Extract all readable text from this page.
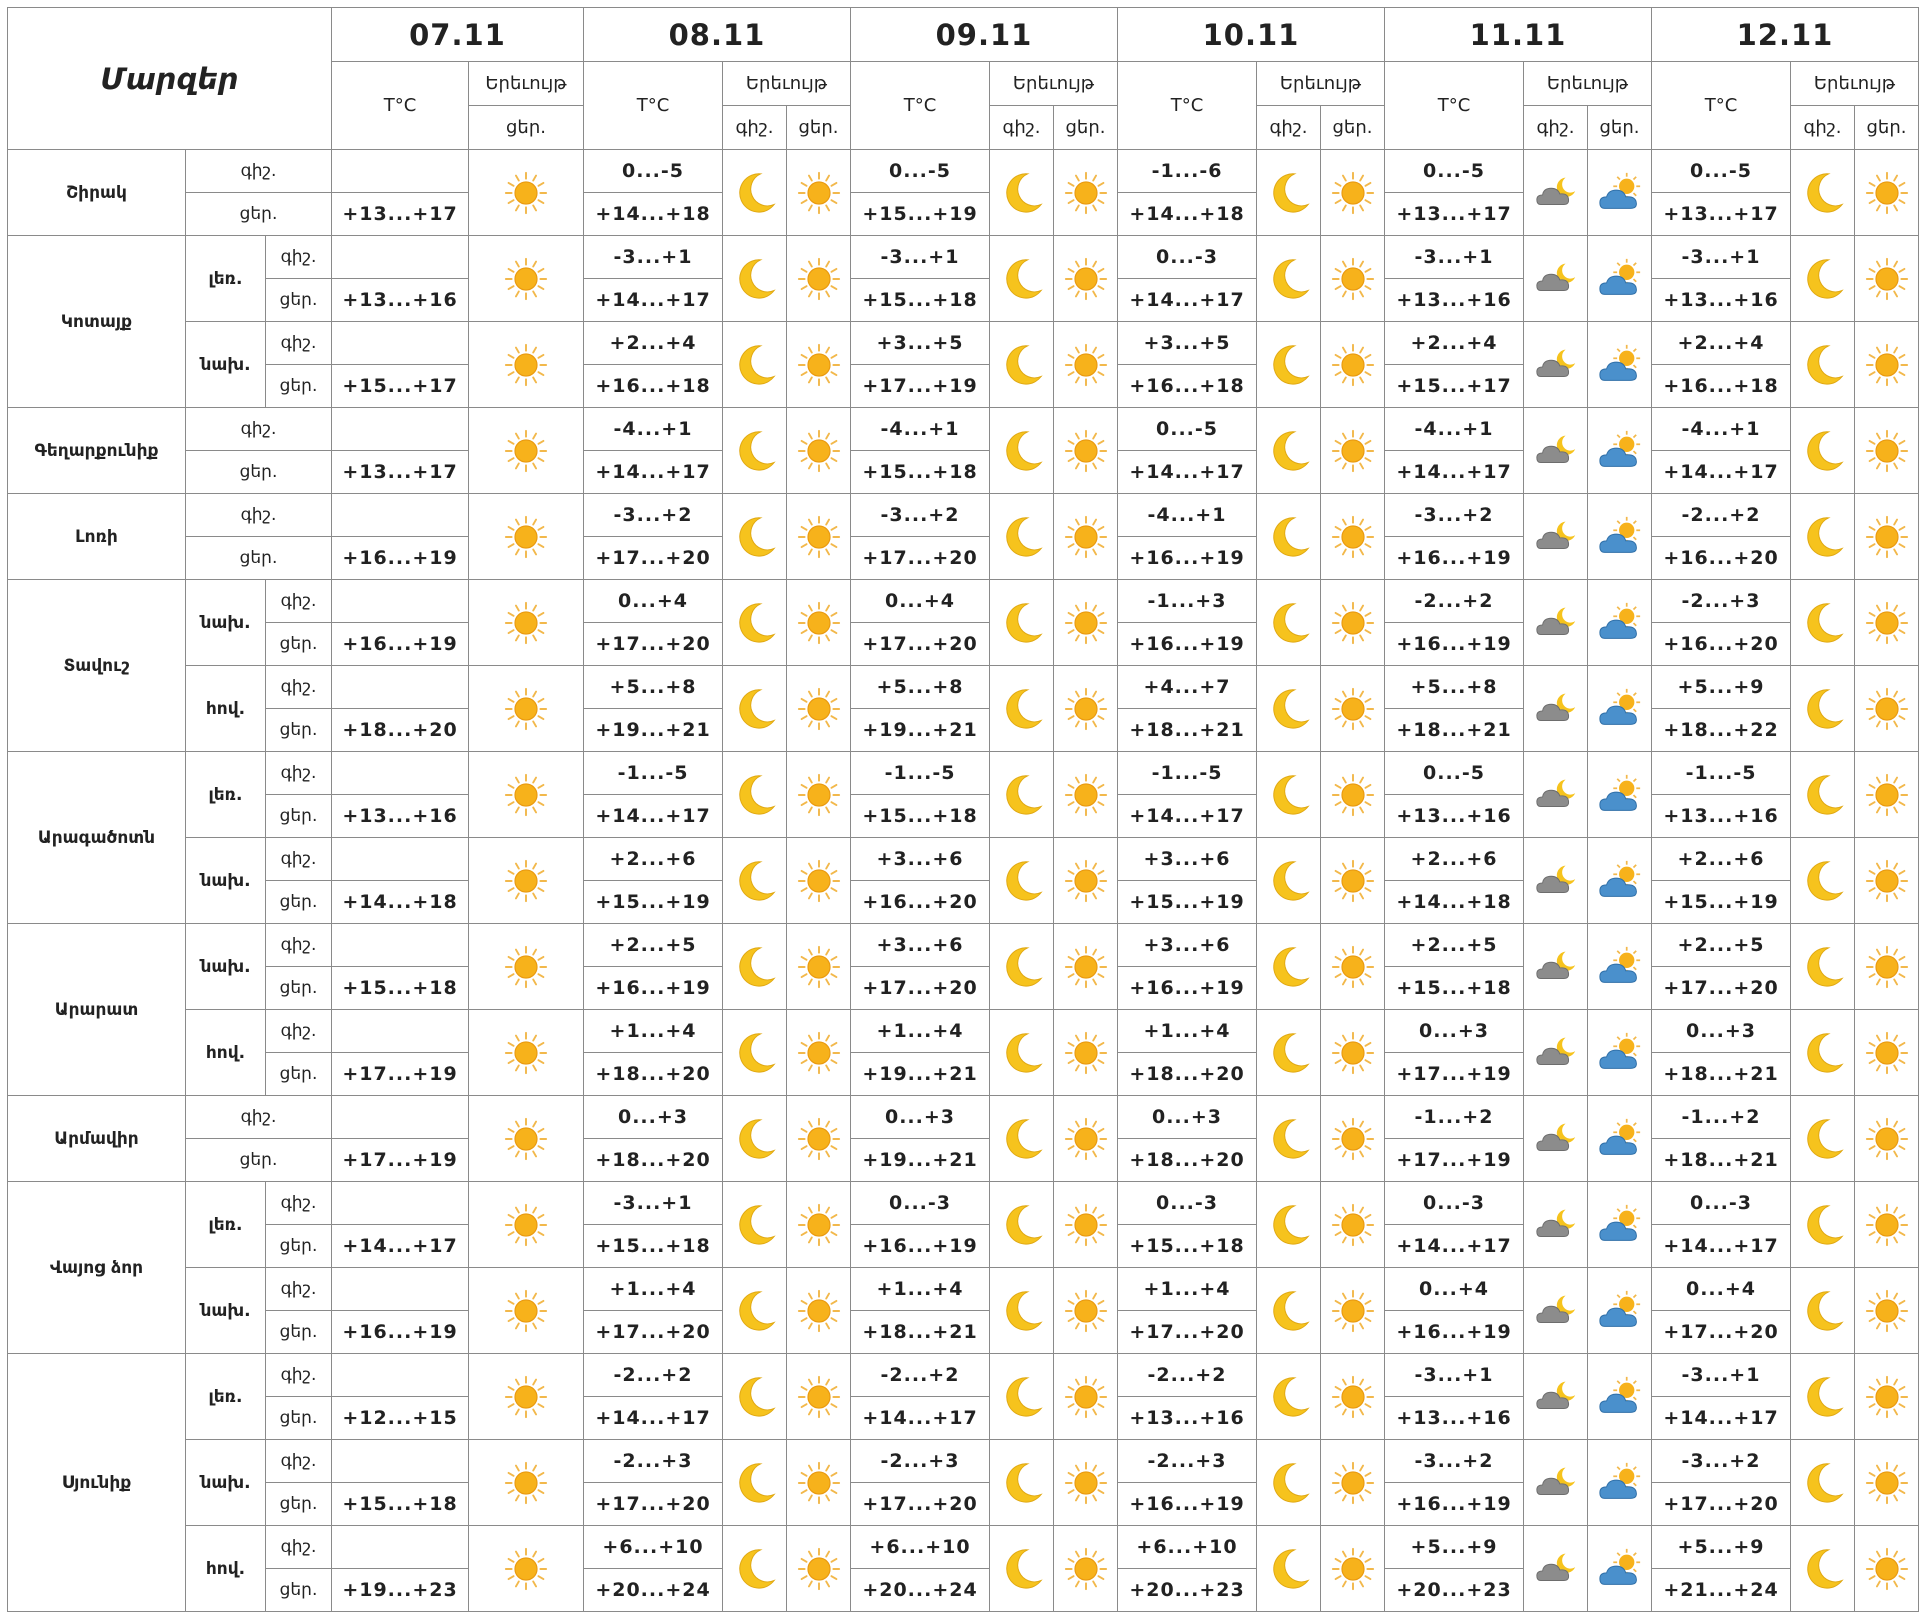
Մարզեր			07.11		08.11			09.11			10.11			11.11			12.11		
			T°C	Երեւույթ	T°C	Երեւույթ		T°C	Երեւույթ		T°C	Երեւույթ		T°C	Երեւույթ		T°C	Երեւույթ	
				ցեր.		գիշ.	ցեր.		գիշ.	ցեր.		գիշ.	ցեր.		գիշ.	ցեր.		գիշ.	ցեր.
Շիրակ	գիշ.				0...-5			0...-5			-1...-6			0...-5			0...-5		
	ցեր.		+13...+17		+14...+18			+15...+19			+14...+18			+13...+17			+13...+17		
Կոտայք	լեռ.	գիշ.			-3...+1			-3...+1			0...-3			-3...+1			-3...+1		
		ցեր.	+13...+16		+14...+17			+15...+18			+14...+17			+13...+16			+13...+16		
	նախ.	գիշ.			+2...+4			+3...+5			+3...+5			+2...+4			+2...+4		
		ցեր.	+15...+17		+16...+18			+17...+19			+16...+18			+15...+17			+16...+18		
Գեղարքունիք	գիշ.				-4...+1			-4...+1			0...-5			-4...+1			-4...+1		
	ցեր.		+13...+17		+14...+17			+15...+18			+14...+17			+14...+17			+14...+17		
Լոռի	գիշ.				-3...+2			-3...+2			-4...+1			-3...+2			-2...+2		
	ցեր.		+16...+19		+17...+20			+17...+20			+16...+19			+16...+19			+16...+20		
Տավուշ	նախ.	գիշ.			0...+4			0...+4			-1...+3			-2...+2			-2...+3		
		ցեր.	+16...+19		+17...+20			+17...+20			+16...+19			+16...+19			+16...+20		
	հով.	գիշ.			+5...+8			+5...+8			+4...+7			+5...+8			+5...+9		
		ցեր.	+18...+20		+19...+21			+19...+21			+18...+21			+18...+21			+18...+22		
Արագածոտն	լեռ.	գիշ.			-1...-5			-1...-5			-1...-5			0...-5			-1...-5		
		ցեր.	+13...+16		+14...+17			+15...+18			+14...+17			+13...+16			+13...+16		
	նախ.	գիշ.			+2...+6			+3...+6			+3...+6			+2...+6			+2...+6		
		ցեր.	+14...+18		+15...+19			+16...+20			+15...+19			+14...+18			+15...+19		
Արարատ	նախ.	գիշ.			+2...+5			+3...+6			+3...+6			+2...+5			+2...+5		
		ցեր.	+15...+18		+16...+19			+17...+20			+16...+19			+15...+18			+17...+20		
	հով.	գիշ.			+1...+4			+1...+4			+1...+4			0...+3			0...+3		
		ցեր.	+17...+19		+18...+20			+19...+21			+18...+20			+17...+19			+18...+21		
Արմավիր	գիշ.				0...+3			0...+3			0...+3			-1...+2			-1...+2		
	ցեր.		+17...+19		+18...+20			+19...+21			+18...+20			+17...+19			+18...+21		
Վայոց ձոր	լեռ.	գիշ.			-3...+1			0...-3			0...-3			0...-3			0...-3		
		ցեր.	+14...+17		+15...+18			+16...+19			+15...+18			+14...+17			+14...+17		
	նախ.	գիշ.			+1...+4			+1...+4			+1...+4			0...+4			0...+4		
		ցեր.	+16...+19		+17...+20			+18...+21			+17...+20			+16...+19			+17...+20		
Սյունիք	լեռ.	գիշ.			-2...+2			-2...+2			-2...+2			-3...+1			-3...+1		
		ցեր.	+12...+15		+14...+17			+14...+17			+13...+16			+13...+16			+14...+17		
	նախ.	գիշ.			-2...+3			-2...+3			-2...+3			-3...+2			-3...+2		
		ցեր.	+15...+18		+17...+20			+17...+20			+16...+19			+16...+19			+17...+20		
	հով.	գիշ.			+6...+10			+6...+10			+6...+10			+5...+9			+5...+9		
		ցեր.	+19...+23		+20...+24			+20...+24			+20...+23			+20...+23			+21...+24		
